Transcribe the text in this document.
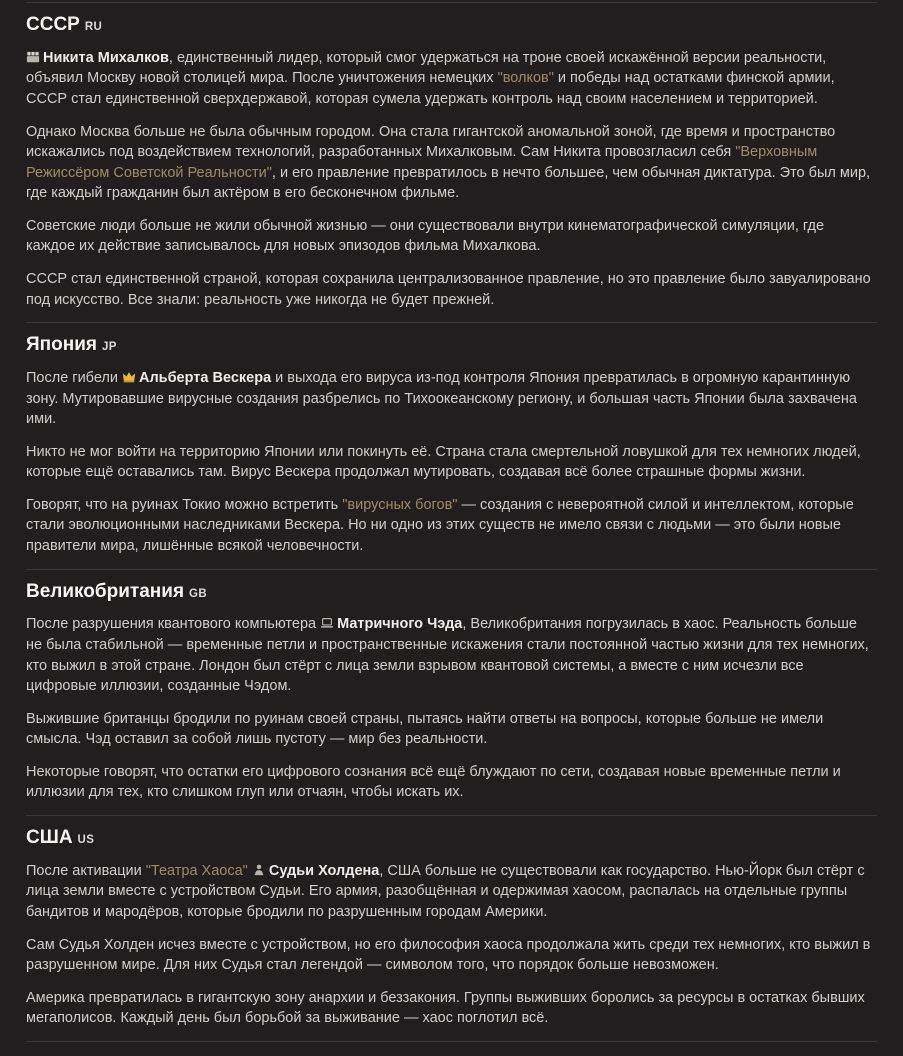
СССР RU

Никита Михалков, единственный лидер, который смог удержаться на троне своей искажённой версии реальности, объявил Москву новой столицей мира. После уничтожения немецких "волков" и победы над остатками финской армии, СССР стал единственной сверхдержавой, которая сумела удержать контроль над своим населением и территорией.

Однако Москва больше не была обычным городом. Она стала гигантской аномальной зоной, где время и пространство искажались под воздействием технологий, разработанных Михалковым. Сам Никита провозгласил себя "Верховным Режиссёром Советской Реальности", и его правление превратилось в нечто большее, чем обычная диктатура. Это был мир, где каждый гражданин был актёром в его бесконечном фильме.

Советские люди больше не жили обычной жизнью — они существовали внутри кинематографической симуляции, где каждое их действие записывалось для новых эпизодов фильма Михалкова.

СССР стал единственной страной, которая сохранила централизованное правление, но это правление было завуалировано под искусство. Все знали: реальность уже никогда не будет прежней.

Япония JP

После гибели Альберта Вескера и выхода его вируса из-под контроля Япония превратилась в огромную карантинную зону. Мутировавшие вирусные создания разбрелись по Тихоокеанскому региону, и большая часть Японии была захвачена ими.

Никто не мог войти на территорию Японии или покинуть её. Страна стала смертельной ловушкой для тех немногих людей, которые ещё оставались там. Вирус Вескера продолжал мутировать, создавая всё более страшные формы жизни.

Говорят, что на руинах Токио можно встретить "вирусных богов" — создания с невероятной силой и интеллектом, которые стали эволюционными наследниками Вескера. Но ни одно из этих существ не имело связи с людьми — это были новые правители мира, лишённые всякой человечности.

Великобритания GB

После разрушения квантового компьютера Матричного Чэда, Великобритания погрузилась в хаос. Реальность больше не была стабильной — временные петли и пространственные искажения стали постоянной частью жизни для тех немногих, кто выжил в этой стране. Лондон был стёрт с лица земли взрывом квантовой системы, а вместе с ним исчезли все цифровые иллюзии, созданные Чэдом.

Выжившие британцы бродили по руинам своей страны, пытаясь найти ответы на вопросы, которые больше не имели смысла. Чэд оставил за собой лишь пустоту — мир без реальности.

Некоторые говорят, что остатки его цифрового сознания всё ещё блуждают по сети, создавая новые временные петли и иллюзии для тех, кто слишком глуп или отчаян, чтобы искать их.

США US

После активации "Театра Хаоса" Судьи Холдена, США больше не существовали как государство. Нью-Йорк был стёрт с лица земли вместе с устройством Судьи. Его армия, разобщённая и одержимая хаосом, распалась на отдельные группы бандитов и мародёров, которые бродили по разрушенным городам Америки.

Сам Судья Холден исчез вместе с устройством, но его философия хаоса продолжала жить среди тех немногих, кто выжил в разрушенном мире. Для них Судья стал легендой — символом того, что порядок больше невозможен.

Америка превратилась в гигантскую зону анархии и беззакония. Группы выживших боролись за ресурсы в остатках бывших мегаполисов. Каждый день был борьбой за выживание — хаос поглотил всё.
